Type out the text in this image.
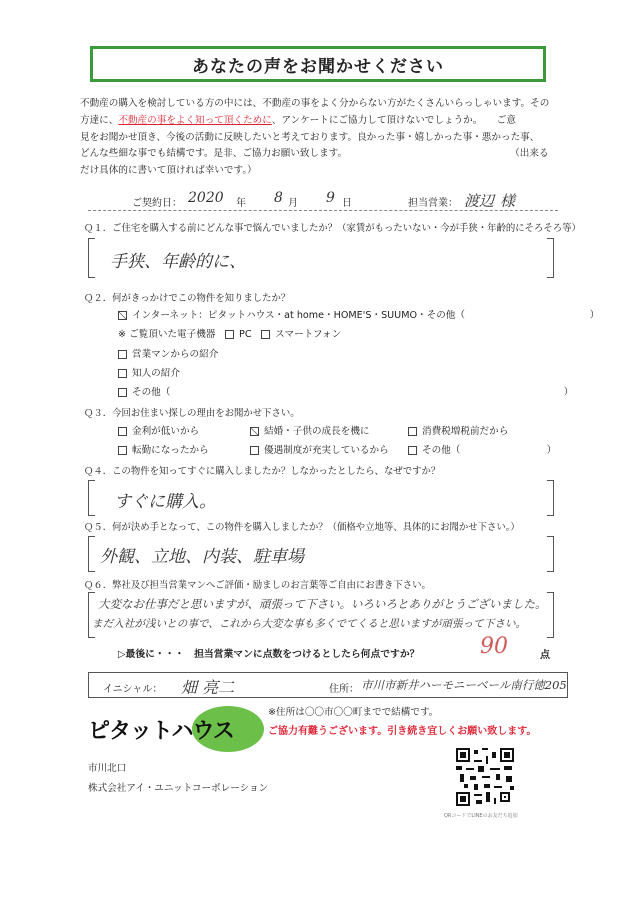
あなたの声をお聞かせください
不動産の購入を検討している方の中には、不動産の事をよく分からない方がたくさんいらっしゃいます。その
方達に、不動産の事をよく知って頂くために、アンケートにご協力して頂けないでしょうか。　　ご意
見をお聞かせ頂き、今後の活動に反映したいと考えております。良かった事・嬉しかった事・悪かった事、
どんな些細な事でも結構です。是非、ご協力お願い致します。　　　　　　　　　　　　　　　　　　（出来る
だけ具体的に書いて頂ければ幸いです。）
ご契約日： 2020 年 8 月 9 日	担当営業： 渡辺 様
Ｑ１．ご住宅を購入する前にどんな事で悩んでいましたか？（家賃がもったいない・今が手狭・年齢的にそろそろ等）
手狭、年齢的に、
Ｑ２．何がきっかけでこの物件を知りましたか？
インターネット：ピタットハウス・at home・HOME'S・SUUMO・その他（　　　　　　　　　　　　　）
※ ご覧頂いた電子機器　 PC　 スマートフォン
営業マンからの紹介
知人の紹介
その他（　　　　　　　　　　　　　　　　　　　　　　　　　　　　　　　　　　　　　　　　　）
Ｑ３．今回お住まい探しの理由をお聞かせ下さい。
金利が低いから	結婚・子供の成長を機に	消費税増税前だから
転勤になったから	優遇制度が充実しているから	その他（　　　　　　　　　）
Ｑ４．この物件を知ってすぐに購入しましたか？しなかったとしたら、なぜですか？
すぐに購入。
Ｑ５．何が決め手となって、この物件を購入しましたか？（価格や立地等、具体的にお聞かせ下さい。）
外観、立地、内装、駐車場
Ｑ６．弊社及び担当営業マンへご評価・励ましのお言葉等ご自由にお書き下さい。
大変なお仕事だと思いますが、頑張って下さい。いろいろとありがとうございました。
まだ入社が浅いとの事で、これから大変な事も多くでてくると思いますが頑張って下さい。
▷最後に・・・　担当営業マンに点数をつけるとしたら何点ですか？	90	点
イニシャル： 畑 亮二	住所： 市川市新井ハーモニーベール南行徳205
ピタットハウス
※住所は〇〇市〇〇町までで結構です。
ご協力有難うございます。引き続き宜しくお願い致します。
市川北口
株式会社アイ・ユニットコーポレーション
QRコードでLINEのお友だち追加
